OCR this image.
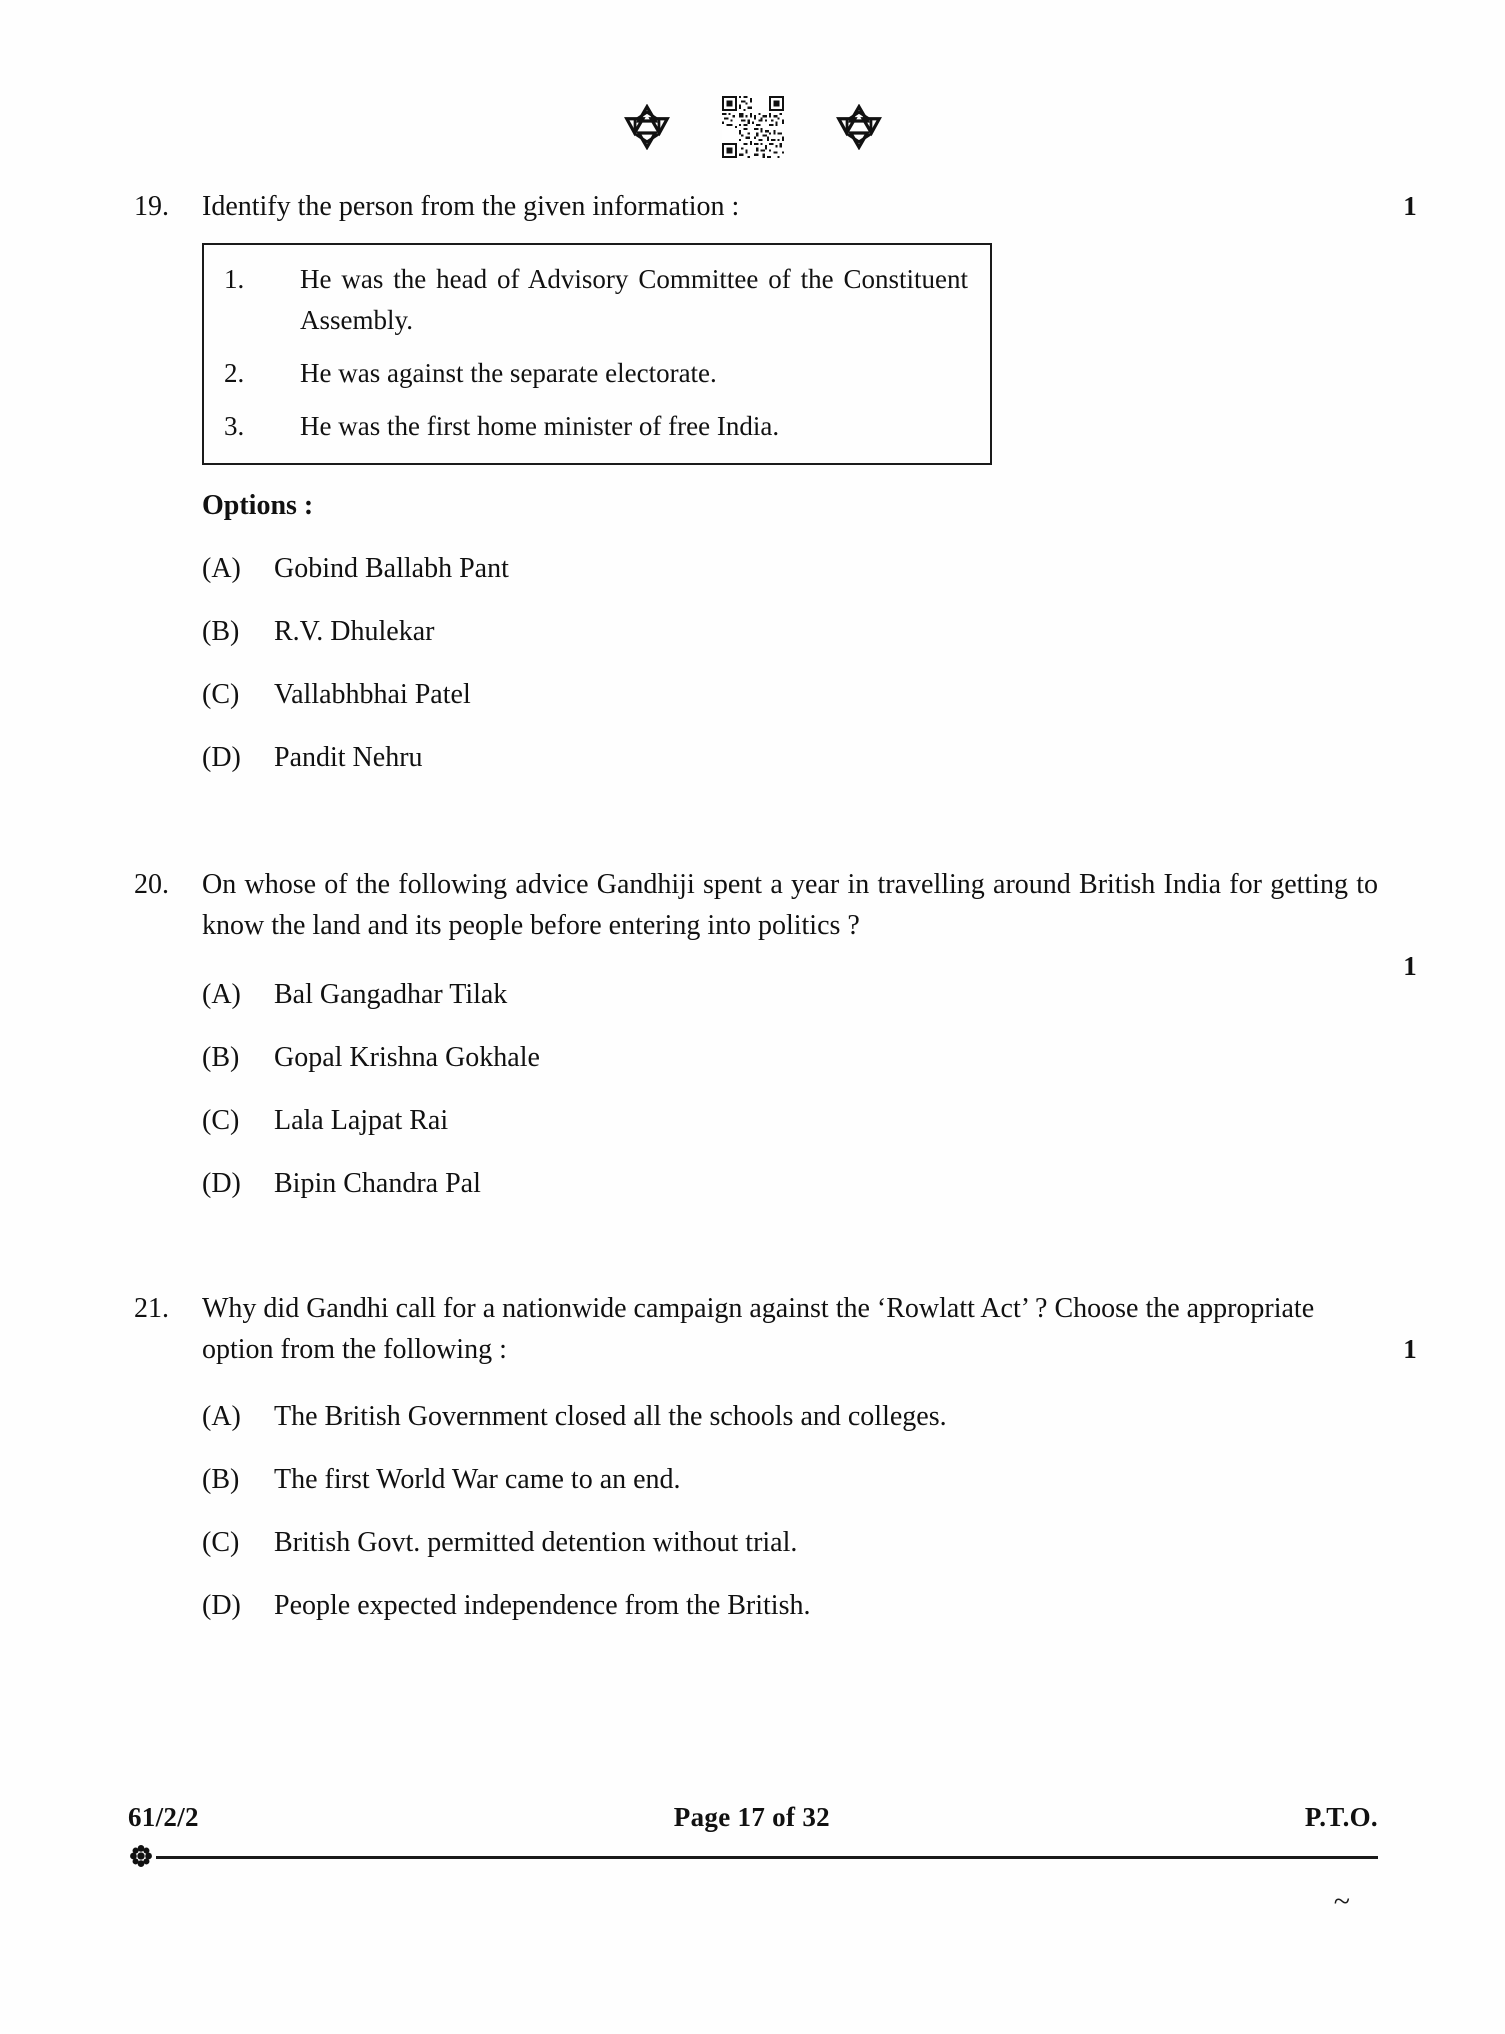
19.	Identify the person from the given information :

1.	He was the head of Advisory Committee of the Constituent Assembly.
2.	He was against the separate electorate.
3.	He was the first home minister of free India.
Options :
(A)	Gobind Ballabh Pant
(B)	R.V. Dhulekar
(C)	Vallabhbhai Patel
(D)	Pandit Nehru
1
20.	On whose of the following advice Gandhiji spent a year in travelling around British India for getting to know the land and its people before entering into politics ?

(A)	Bal Gangadhar Tilak
(B)	Gopal Krishna Gokhale
(C)	Lala Lajpat Rai
(D)	Bipin Chandra Pal
1
21.	Why did Gandhi call for a nationwide campaign against the ‘Rowlatt Act’ ? Choose the appropriate option from the following :

(A)	The British Government closed all the schools and colleges.
(B)	The first World War came to an end.
(C)	British Govt. permitted detention without trial.
(D)	People expected independence from the British.
1
61/2/2	Page 17 of 32	P.T.O.
~
